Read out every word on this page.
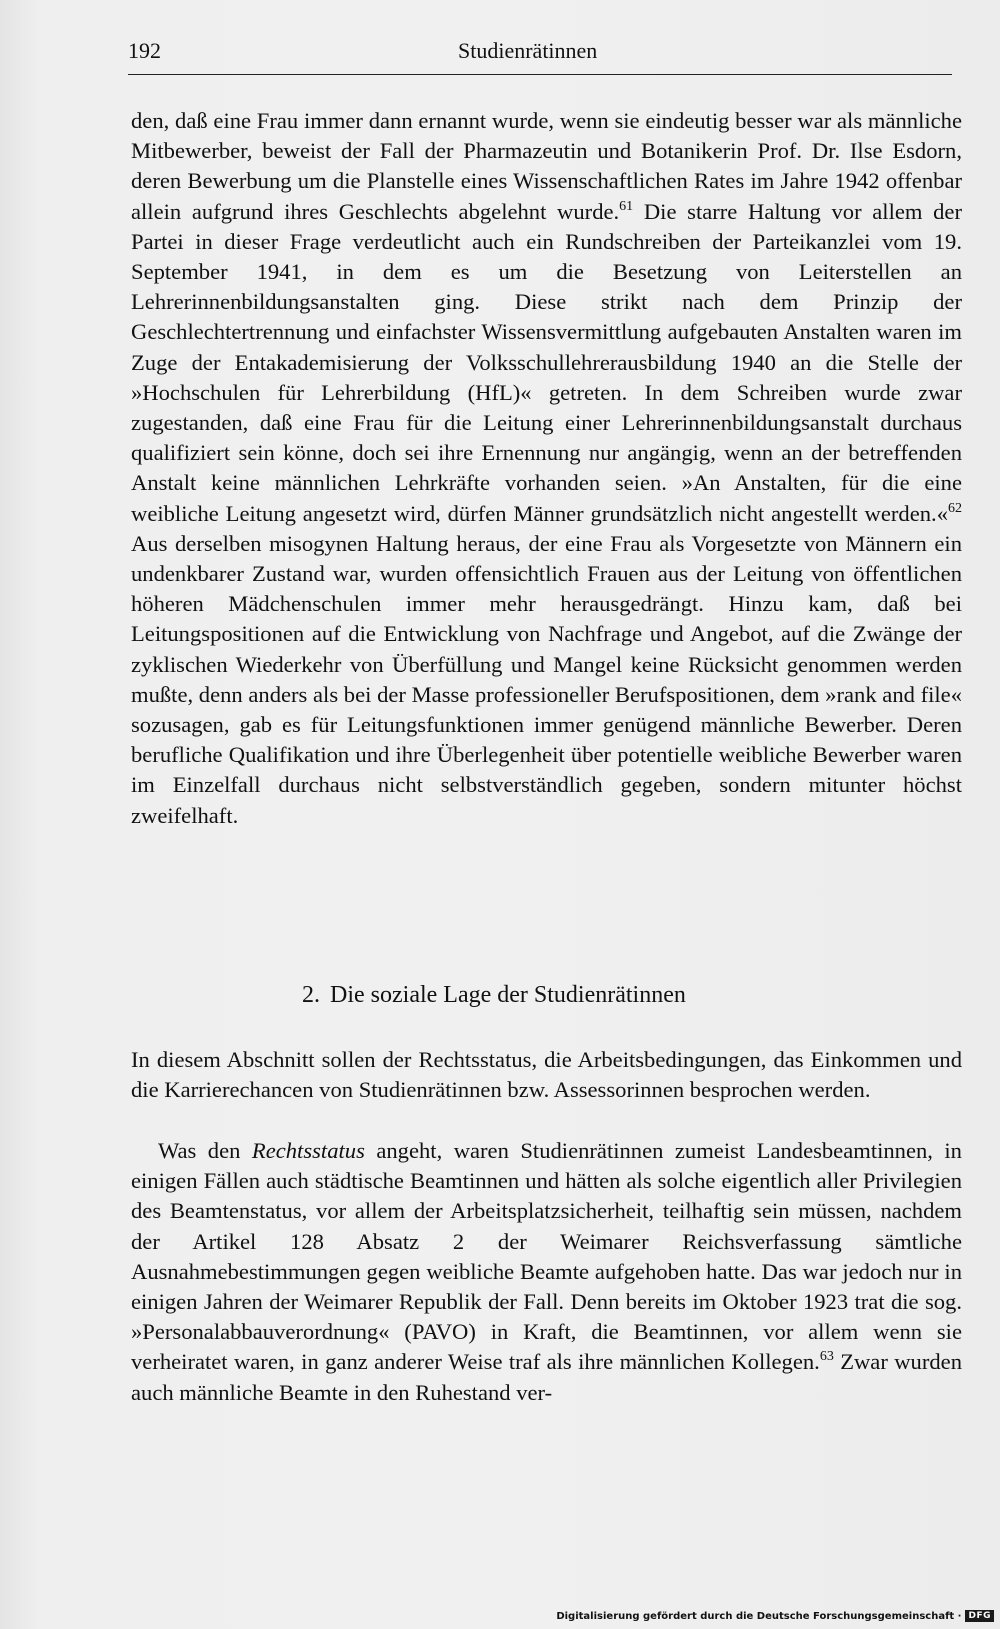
192	Studienrätinnen
den, daß eine Frau immer dann ernannt wurde, wenn sie eindeutig besser war als männliche Mitbewerber, beweist der Fall der Pharmazeutin und Botanikerin Prof. Dr. Ilse Esdorn, deren Bewerbung um die Planstelle eines Wissenschaftlichen Rates im Jahre 1942 offenbar allein aufgrund ihres Geschlechts abgelehnt wurde.$^{61}$ Die starre Haltung vor allem der Partei in dieser Frage verdeutlicht auch ein Rundschreiben der Parteikanzlei vom 19. September 1941, in dem es um die Besetzung von Leiterstellen an Lehrerinnenbildungsanstalten ging. Diese strikt nach dem Prinzip der Geschlechtertrennung und einfachster Wissensvermittlung aufgebauten Anstalten waren im Zuge der Entakademisierung der Volksschullehrerausbildung 1940 an die Stelle der »Hochschulen für Lehrerbildung (HfL)« getreten. In dem Schreiben wurde zwar zugestanden, daß eine Frau für die Leitung einer Lehrerinnenbildungsanstalt durchaus qualifiziert sein könne, doch sei ihre Ernennung nur angängig, wenn an der betreffenden Anstalt keine männlichen Lehrkräfte vorhanden seien. »An Anstalten, für die eine weibliche Leitung angesetzt wird, dürfen Männer grundsätzlich nicht angestellt werden.«$^{62}$ Aus derselben misogynen Haltung heraus, der eine Frau als Vorgesetzte von Männern ein undenkbarer Zustand war, wurden offensichtlich Frauen aus der Leitung von öffentlichen höheren Mädchenschulen immer mehr herausgedrängt. Hinzu kam, daß bei Leitungspositionen auf die Entwicklung von Nachfrage und Angebot, auf die Zwänge der zyklischen Wiederkehr von Überfüllung und Mangel keine Rücksicht genommen werden mußte, denn anders als bei der Masse professioneller Berufspositionen, dem »rank and file« sozusagen, gab es für Leitungsfunktionen immer genügend männliche Bewerber. Deren berufliche Qualifikation und ihre Überlegenheit über potentielle weibliche Bewerber waren im Einzelfall durchaus nicht selbstverständlich gegeben, sondern mitunter höchst zweifelhaft.
2. Die soziale Lage der Studienrätinnen
In diesem Abschnitt sollen der Rechtsstatus, die Arbeitsbedingungen, das Einkommen und die Karrierechancen von Studienrätinnen bzw. Assessorinnen besprochen werden.
Was den Rechtsstatus angeht, waren Studienrätinnen zumeist Landesbeamtinnen, in einigen Fällen auch städtische Beamtinnen und hätten als solche eigentlich aller Privilegien des Beamtenstatus, vor allem der Arbeitsplatzsicherheit, teilhaftig sein müssen, nachdem der Artikel 128 Absatz 2 der Weimarer Reichsverfassung sämtliche Ausnahmebestimmungen gegen weibliche Beamte aufgehoben hatte. Das war jedoch nur in einigen Jahren der Weimarer Republik der Fall. Denn bereits im Oktober 1923 trat die sog. »Personalabbauverordnung« (PAVO) in Kraft, die Beamtinnen, vor allem wenn sie verheiratet waren, in ganz anderer Weise traf als ihre männlichen Kollegen.$^{63}$ Zwar wurden auch männliche Beamte in den Ruhestand ver-
Digitalisierung gefördert durch die Deutsche Forschungsgemeinschaft · DFG
